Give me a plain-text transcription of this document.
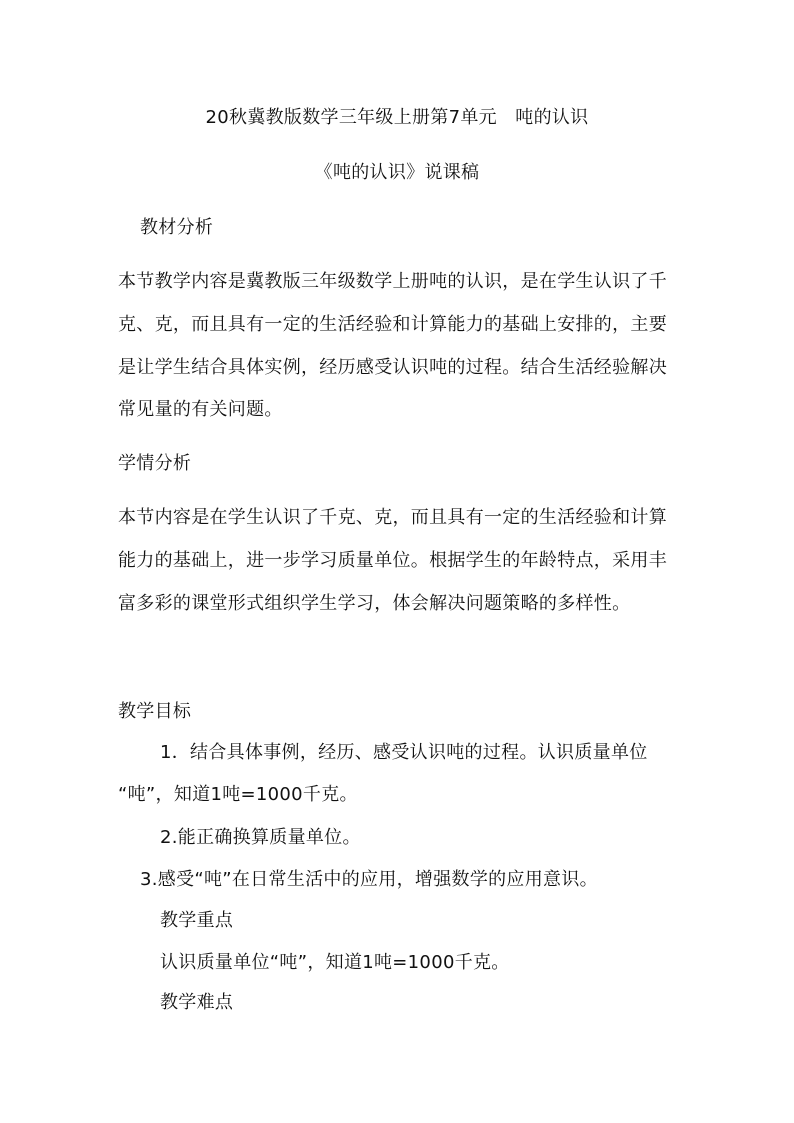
20秋冀教版数学三年级上册第7单元　吨的认识
《吨的认识》说课稿
教材分析
本节教学内容是冀教版三年级数学上册吨的认识，是在学生认识了千
克、克，而且具有一定的生活经验和计算能力的基础上安排的，主要
是让学生结合具体实例，经历感受认识吨的过程。结合生活经验解决
常见量的有关问题。
学情分析
本节内容是在学生认识了千克、克，而且具有一定的生活经验和计算
能力的基础上，进一步学习质量单位。根据学生的年龄特点，采用丰
富多彩的课堂形式组织学生学习，体会解决问题策略的多样性。
教学目标
1．结合具体事例，经历、感受认识吨的过程。认识质量单位
“吨”，知道1吨=1000千克。
2.能正确换算质量单位。
3.感受“吨”在日常生活中的应用，增强数学的应用意识。
教学重点
认识质量单位“吨”，知道1吨=1000千克。
教学难点
